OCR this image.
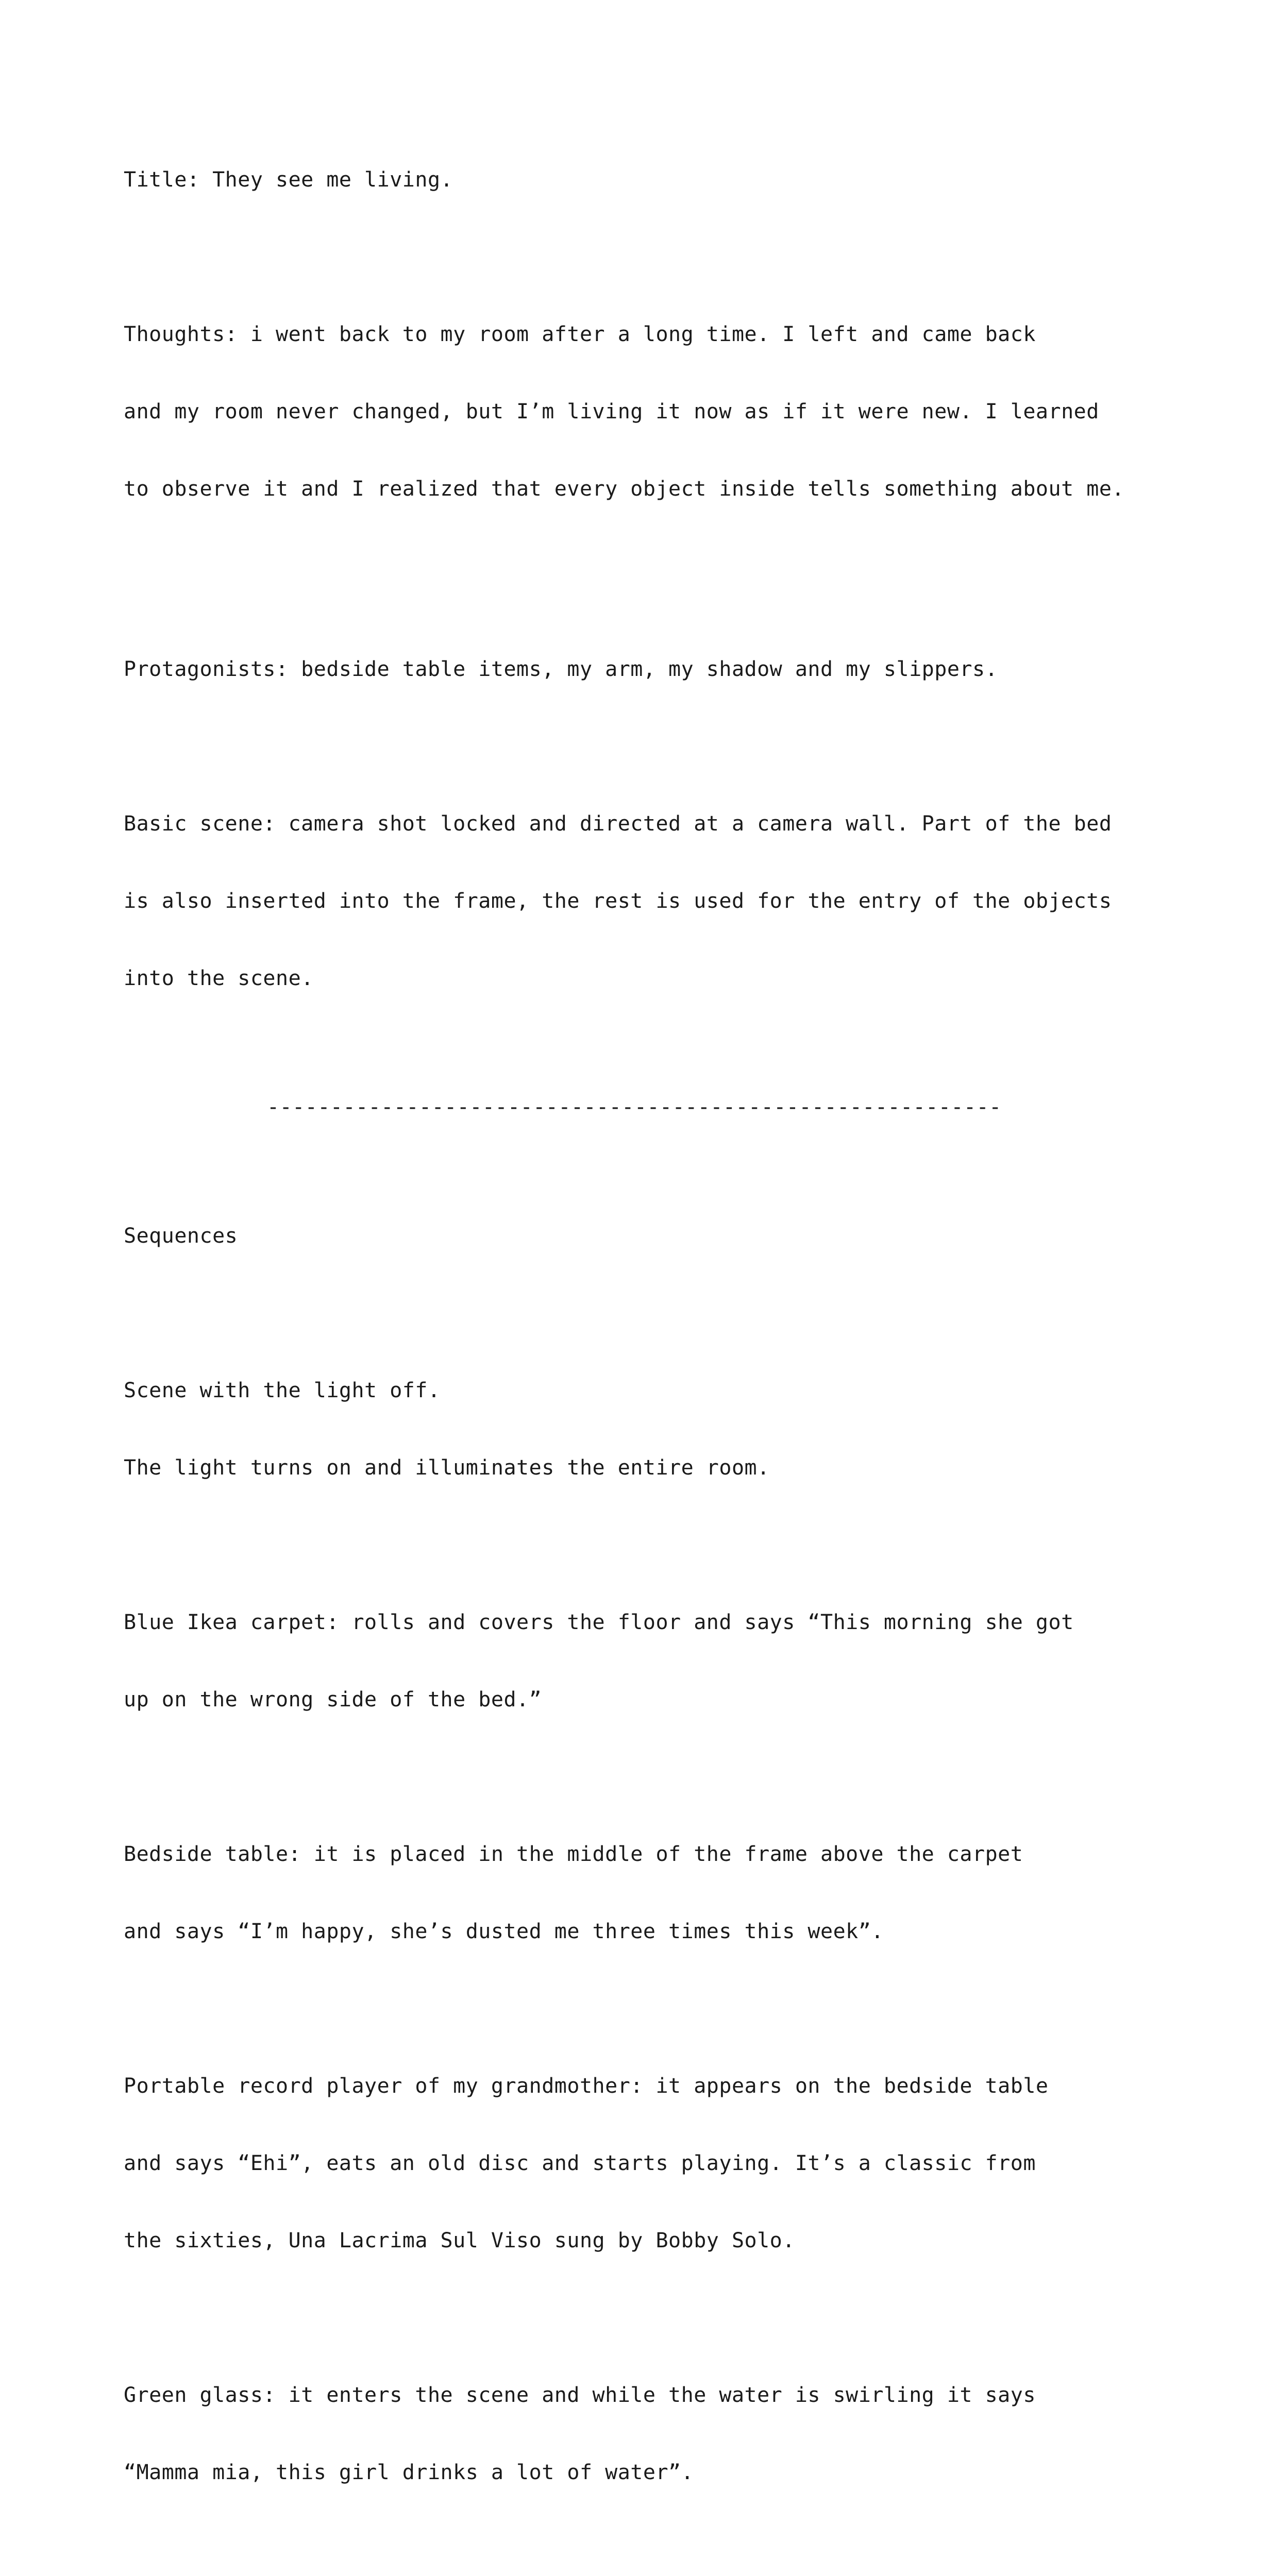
Title: They see me living.

Thoughts: i went back to my room after a long time. I left and came back

and my room never changed, but I’m living it now as if it were new. I learned

to observe it and I realized that every object inside tells something about me.

Protagonists: bedside table items, my arm, my shadow and my slippers.

Basic scene: camera shot locked and directed at a camera wall. Part of the bed

is also inserted into the frame, the rest is used for the entry of the objects

into the scene.

----------------------------------------------------------

Sequences

Scene with the light off.

The light turns on and illuminates the entire room.

Blue Ikea carpet: rolls and covers the floor and says “This morning she got

up on the wrong side of the bed.”

Bedside table: it is placed in the middle of the frame above the carpet

and says “I’m happy, she’s dusted me three times this week”.

Portable record player of my grandmother: it appears on the bedside table

and says “Ehi”, eats an old disc and starts playing. It’s a classic from

the sixties, Una Lacrima Sul Viso sung by Bobby Solo.

Green glass: it enters the scene and while the water is swirling it says

“Mamma mia, this girl drinks a lot of water”.
